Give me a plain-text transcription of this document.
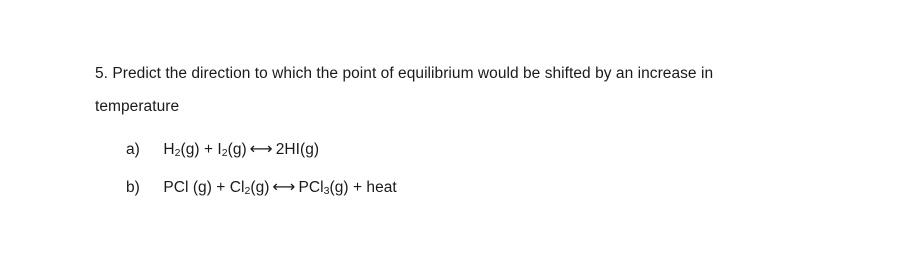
5. Predict the direction to which the point of equilibrium would be shifted by an increase in
temperature
a) $H_2(g) + I_2(g)$ ⟷ 2HI(g)
b) PCl $(g) + Cl_2(g)$ ⟷ PCl$_3$(g) + heat
